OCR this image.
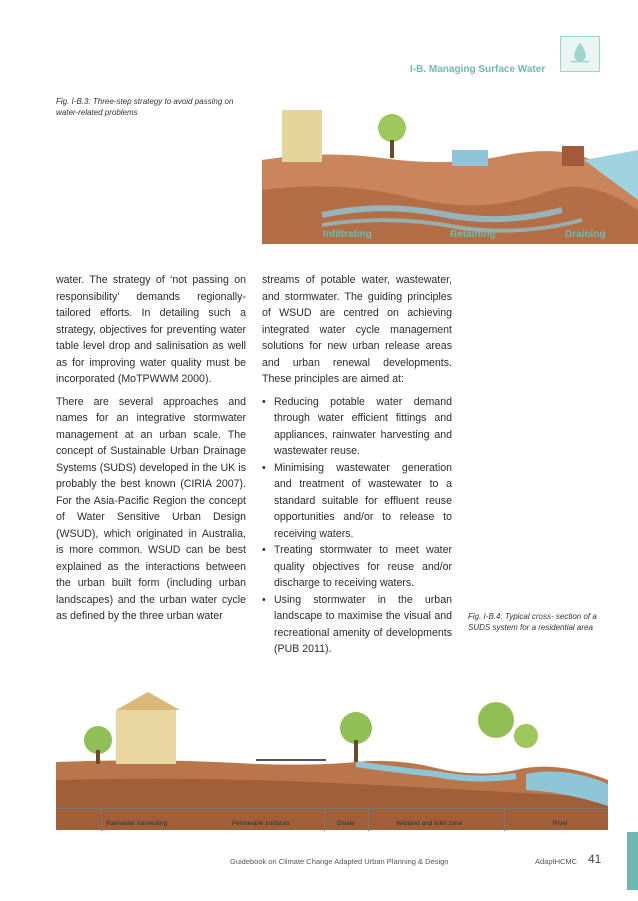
I-B. Managing Surface Water
Fig. I-B.3: Three-step strategy to avoid passing on water-related problems
Infiltrating	Retaining	Draining

water. The strategy of ‘not passing on responsibility’ demands regionally-tailored efforts. In detailing such a strategy, objectives for preventing water table level drop and salinisation as well as for improving water quality must be incorporated (MoTPWWM 2000).

There are several approaches and names for an integrative stormwater management at an urban scale. The concept of Sustainable Urban Drainage Systems (SUDS) developed in the UK is probably the best known (CIRIA 2007). For the Asia-Pacific Region the concept of Water Sensitive Urban Design (WSUD), which originated in Australia, is more common. WSUD can be best explained as the interactions between the urban built form (including urban landscapes) and the urban water cycle as defined by the three urban water

streams of potable water, wastewater, and stormwater. The guiding principles of WSUD are centred on achieving integrated water cycle management solutions for new urban release areas and urban renewal developments. These principles are aimed at:

• Reducing potable water demand through water efficient fittings and appliances, rainwater harvesting and wastewater reuse.
• Minimising wastewater generation and treatment of wastewater to a standard suitable for effluent reuse opportunities and/or to release to receiving waters.
• Treating stormwater to meet water quality objectives for reuse and/or discharge to receiving waters.
• Using stormwater in the urban landscape to maximise the visual and recreational amenity of developments (PUB 2011).
Fig. I-B.4: Typical cross- section of a SUDS system for a residential area
Rainwater harvesting	Permeable surfaces	Swale	Wetland and Inlet zone	River
Guidebook on Climate Change Adapted Urban Planning & Design	AdaptHCMC 41
